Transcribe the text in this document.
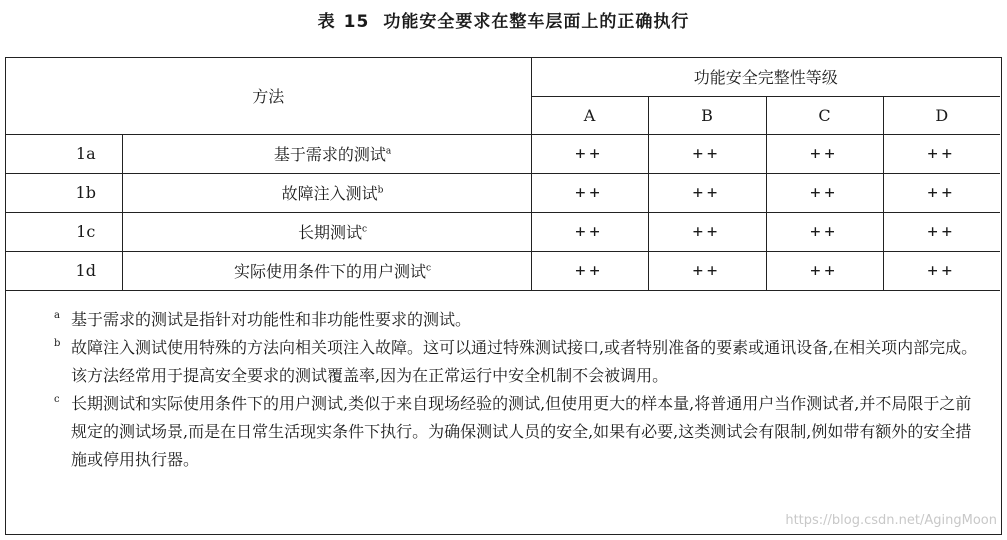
表 15 功能安全要求在整车层面上的正确执行
方法		功能安全完整性等级			
		A	B	C	D
1a	基于需求的测试$^a$	++	++	++	++
1b	故障注入测试$^b$	++	++	++	++
1c	长期测试$^c$	++	++	++	++
1d	实际使用条件下的用户测试$^c$	++	++	++	++
a 基于需求的测试是指针对功能性和非功能性要求的测试。
b 故障注入测试使用特殊的方法向相关项注入故障。这可以通过特殊测试接口,或者特别准备的要素或通讯设备,在相关项内部完成。该方法经常用于提高安全要求的测试覆盖率,因为在正常运行中安全机制不会被调用。
c 长期测试和实际使用条件下的用户测试,类似于来自现场经验的测试,但使用更大的样本量,将普通用户当作测试者,并不局限于之前规定的测试场景,而是在日常生活现实条件下执行。为确保测试人员的安全,如果有必要,这类测试会有限制,例如带有额外的安全措施或停用执行器。
https://blog.csdn.net/AgingMoon
